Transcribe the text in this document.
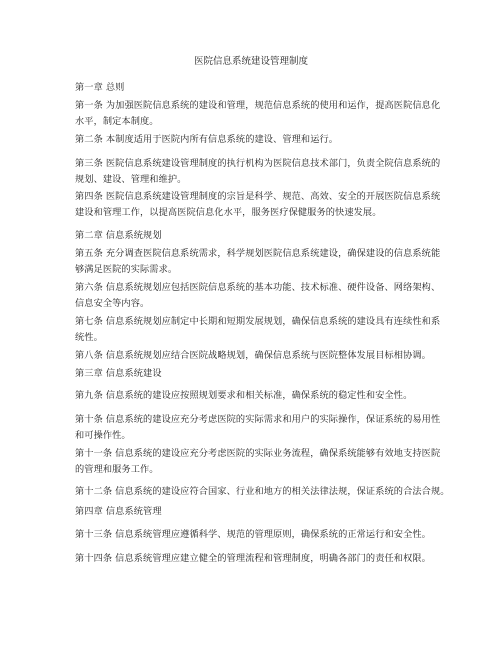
医院信息系统建设管理制度
第一章 总则
第一条 为加强医院信息系统的建设和管理，规范信息系统的使用和运作，提高医院信息化
水平，制定本制度。
第二条 本制度适用于医院内所有信息系统的建设、管理和运行。
第三条 医院信息系统建设管理制度的执行机构为医院信息技术部门，负责全院信息系统的
规划、建设、管理和维护。
第四条 医院信息系统建设管理制度的宗旨是科学、规范、高效、安全的开展医院信息系统
建设和管理工作，以提高医院信息化水平，服务医疗保健服务的快速发展。
第二章 信息系统规划
第五条 充分调查医院信息系统需求，科学规划医院信息系统建设，确保建设的信息系统能
够满足医院的实际需求。
第六条 信息系统规划应包括医院信息系统的基本功能、技术标准、硬件设备、网络架构、
信息安全等内容。
第七条 信息系统规划应制定中长期和短期发展规划，确保信息系统的建设具有连续性和系
统性。
第八条 信息系统规划应结合医院战略规划，确保信息系统与医院整体发展目标相协调。
第三章 信息系统建设
第九条 信息系统的建设应按照规划要求和相关标准，确保系统的稳定性和安全性。
第十条 信息系统的建设应充分考虑医院的实际需求和用户的实际操作，保证系统的易用性
和可操作性。
第十一条 信息系统的建设应充分考虑医院的实际业务流程，确保系统能够有效地支持医院
的管理和服务工作。
第十二条 信息系统的建设应符合国家、行业和地方的相关法律法规，保证系统的合法合规。
第四章 信息系统管理
第十三条 信息系统管理应遵循科学、规范的管理原则，确保系统的正常运行和安全性。
第十四条 信息系统管理应建立健全的管理流程和管理制度，明确各部门的责任和权限。
